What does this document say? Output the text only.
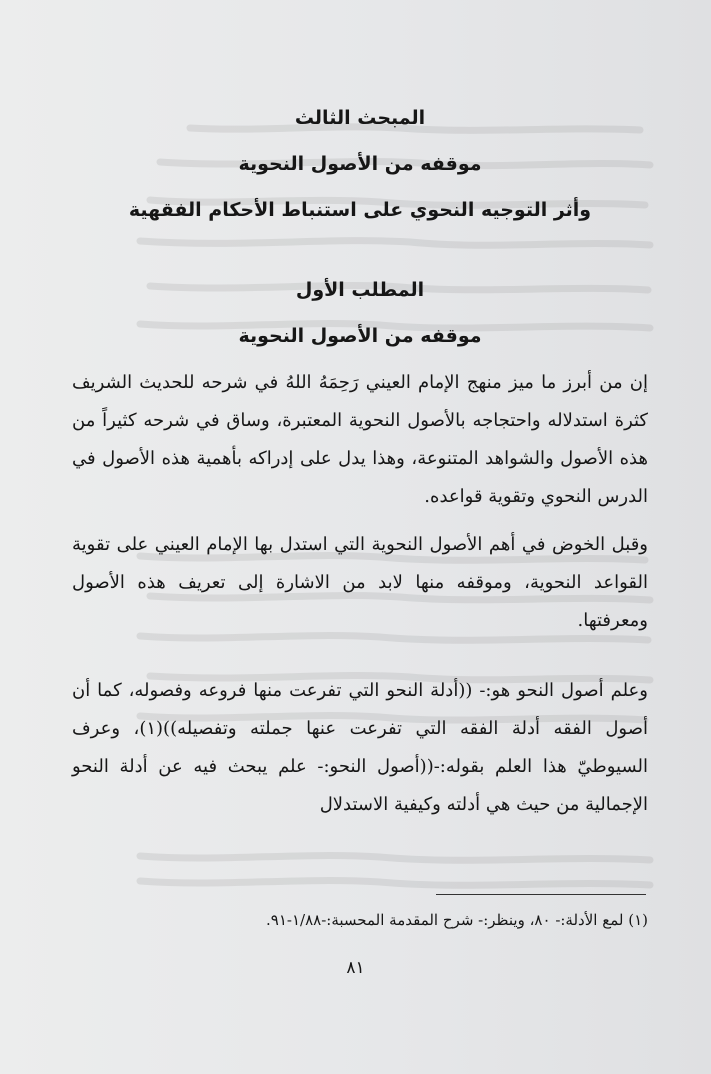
المبحث الثالث
موقفه من الأصول النحوية
وأثر التوجيه النحوي على استنباط الأحكام الفقهية
المطلب الأول
موقفه من الأصول النحوية

إن من أبرز ما ميز منهج الإمام العيني رَحِمَهُ اللهُ في شرحه للحديث الشريف كثرة استدلاله واحتجاجه بالأصول النحوية المعتبرة، وساق في شرحه كثيراً من هذه الأصول والشواهد المتنوعة، وهذا يدل على إدراكه بأهمية هذه الأصول في الدرس النحوي وتقوية قواعده.

وقبل الخوض في أهم الأصول النحوية التي استدل بها الإمام العيني على تقوية القواعد النحوية، وموقفه منها لابد من الاشارة إلى تعريف هذه الأصول ومعرفتها.

وعلم أصول النحو هو:- ((أدلة النحو التي تفرعت منها فروعه وفصوله، كما أن أصول الفقه أدلة الفقه التي تفرعت عنها جملته وتفصيله))(١)، وعرف السيوطيّ هذا العلم بقوله:-((أصول النحو:- علم يبحث فيه عن أدلة النحو الإجمالية من حيث هي أدلته وكيفية الاستدلال

(١) لمع الأدلة:- ٨٠، وينظر:- شرح المقدمة المحسبة:-١/٨٨-٩١.

٨١
